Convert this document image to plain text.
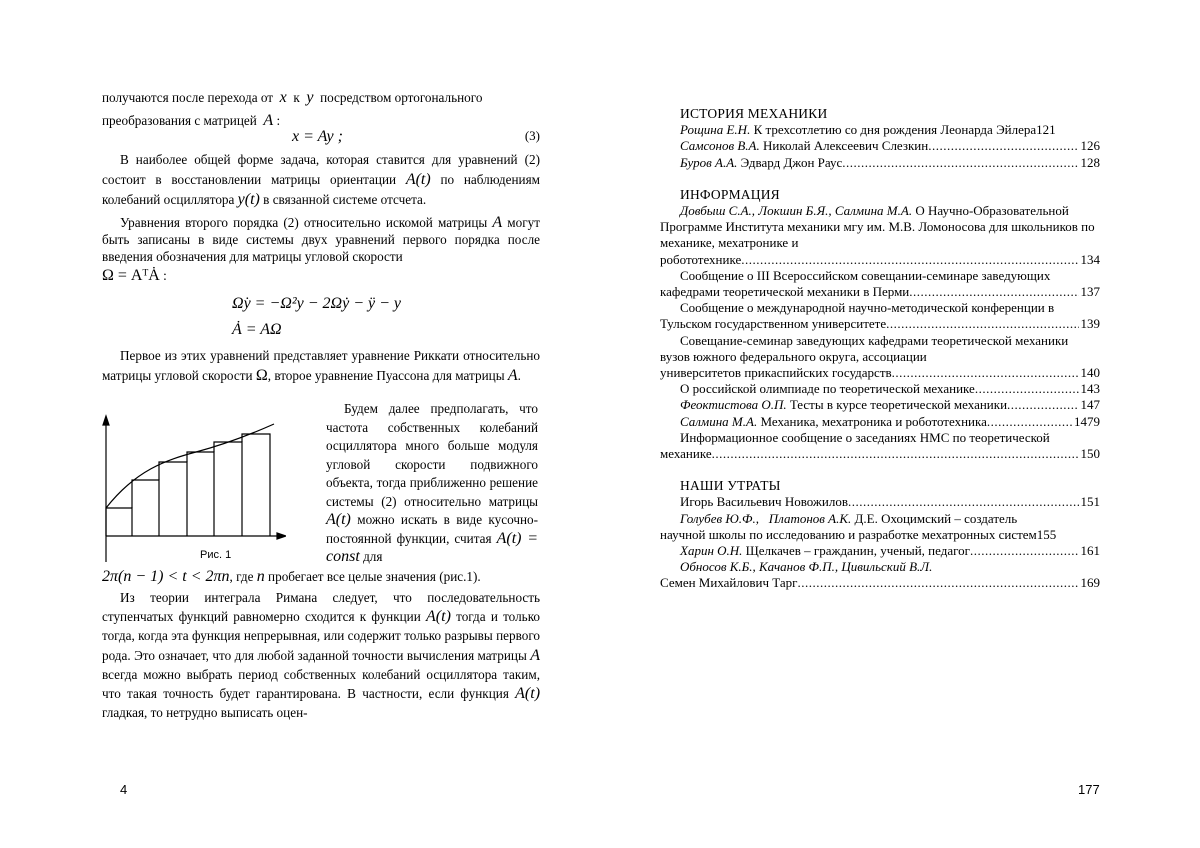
получаются после перехода от x к y посредством ортогонального

преобразования с матрицей A :

x = Ay ;	(3)

В наиболее общей форме задача, которая ставится для уравнений (2) состоит в восстановлении матрицы ориентации A(t) по наблюдениям колебаний осциллятора y(t) в связанной системе отсчета.

Уравнения второго порядка (2) относительно искомой матрицы A могут быть записаны в виде системы двух уравнений первого порядка после введения обозначения для матрицы угловой скорости

Ω = AᵀȦ :

Ω̇y = −Ω²y − 2Ωẏ − ÿ − y
Ȧ = AΩ

Первое из этих уравнений представляет уравнение Риккати относительно матрицы угловой скорости Ω, второе уравнение Пуассона для матрицы A.

Рис. 1
Будем далее предполагать, что частота собственных колебаний осциллятора много больше модуля угловой скорости подвижного объекта, тогда приближенно решение системы (2) относительно матрицы A(t) можно искать в виде кусочно-постоянной функции, считая A(t) = const для
2π(n − 1) < t < 2πn, где n пробегает все целые значения (рис.1).

Из теории интеграла Римана следует, что последовательность ступенчатых функций равномерно сходится к функции A(t) тогда и только тогда, когда эта функция непрерывная, или содержит только разрывы первого рода. Это означает, что для любой заданной точности вычисления матрицы A всегда можно выбрать период собственных колебаний осциллятора таким, что такая точность будет гарантирована. В частности, если функция A(t) гладкая, то нетрудно выписать оцен-

4

ИСТОРИЯ МЕХАНИКИ

Рощина Е.Н. К трехсотлетию со дня рождения Леонарда Эйлера 121
Самсонов В.А. Николай Алексеевич Слезкин .....	126
Буров А.А. Эдвард Джон Раус .....	128

ИНФОРМАЦИЯ

Довбыш С.А., Локшин Б.Я., Салмина М.А. О Научно-Образовательной Программе Института механики мгу им. М.В. Ломоносова для школьников по механике, мехатронике и
робототехнике .....	134
Сообщение о III Всероссийском совещании-семинаре заведующих
кафедрами теоретической механики в Перми .....	137
Сообщение о международной научно-методической конференции в
Тульском государственном университете .....	139
Совещание-семинар заведующих кафедрами теоретической механики вузов южного федерального округа, ассоциации
университетов прикаспийских государств .....	140
О российской олимпиаде по теоретической механике .....	143
Феоктистова О.П. Тесты в курсе теоретической механики .....	147
Салмина М.А. Механика, мехатроника и робототехника .....	1479
Информационное сообщение о заседаниях НМС по теоретической
механике .....	150

НАШИ УТРАТЫ

Игорь Васильевич Новожилов .....	151
Голубев Ю.Ф.,   Платонов А.К. Д.Е. Охоцимский – создатель
научной школы по исследованию и разработке мехатронных систем 155
Харин О.Н. Щелкачев – гражданин, ученый, педагог .....	161
Обносов К.Б., Качанов Ф.П., Цивильский В.Л.
Семен Михайлович Тарг .....	169
177
